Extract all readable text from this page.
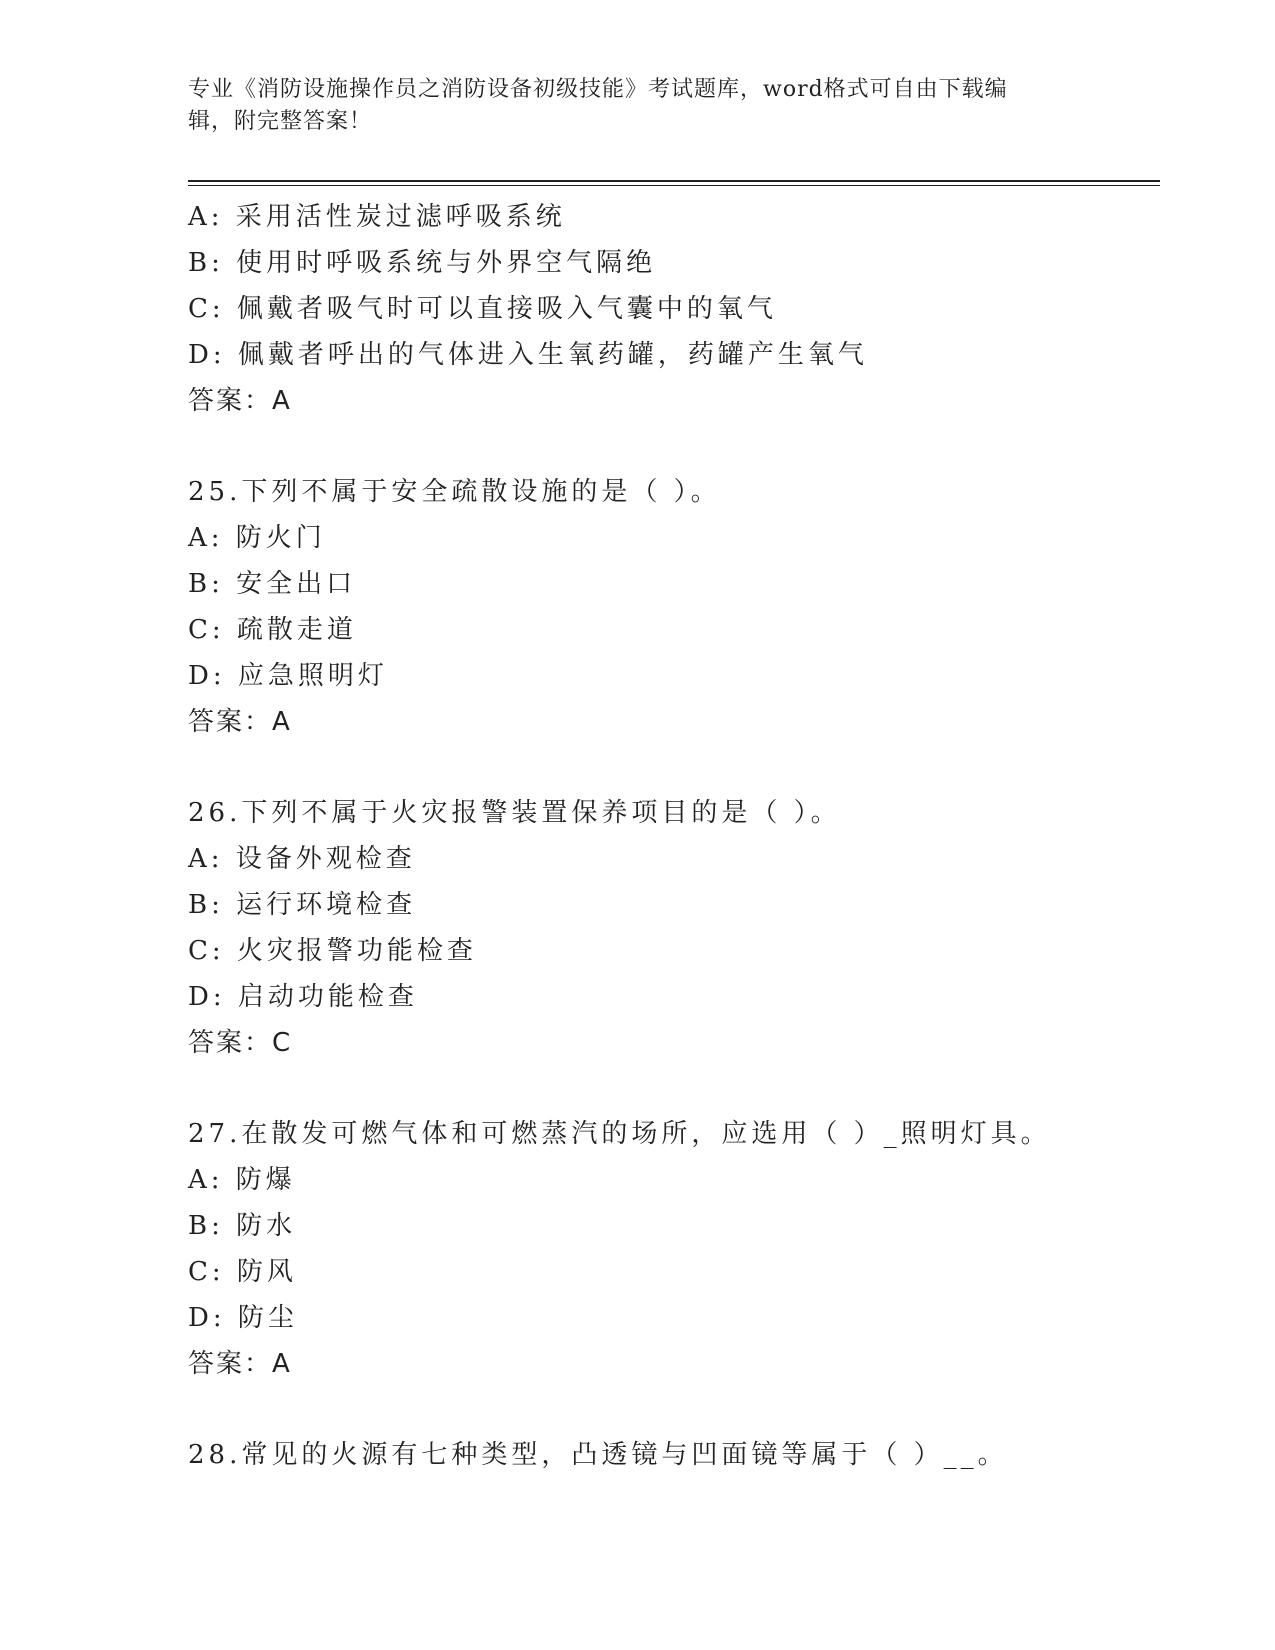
专业《消防设施操作员之消防设备初级技能》考试题库，word格式可自由下载编
辑，附完整答案！
A: 采用活性炭过滤呼吸系统
B: 使用时呼吸系统与外界空气隔绝
C: 佩戴者吸气时可以直接吸入气囊中的氧气
D: 佩戴者呼出的气体进入生氧药罐，药罐产生氧气
答案：A
25.下列不属于安全疏散设施的是（ ）。
A: 防火门
B: 安全出口
C: 疏散走道
D: 应急照明灯
答案：A
26.下列不属于火灾报警装置保养项目的是（ ）。
A: 设备外观检查
B: 运行环境检查
C: 火灾报警功能检查
D: 启动功能检查
答案：C
27.在散发可燃气体和可燃蒸汽的场所，应选用（ ）_照明灯具。
A: 防爆
B: 防水
C: 防风
D: 防尘
答案：A
28.常见的火源有七种类型，凸透镜与凹面镜等属于（ ）__。
